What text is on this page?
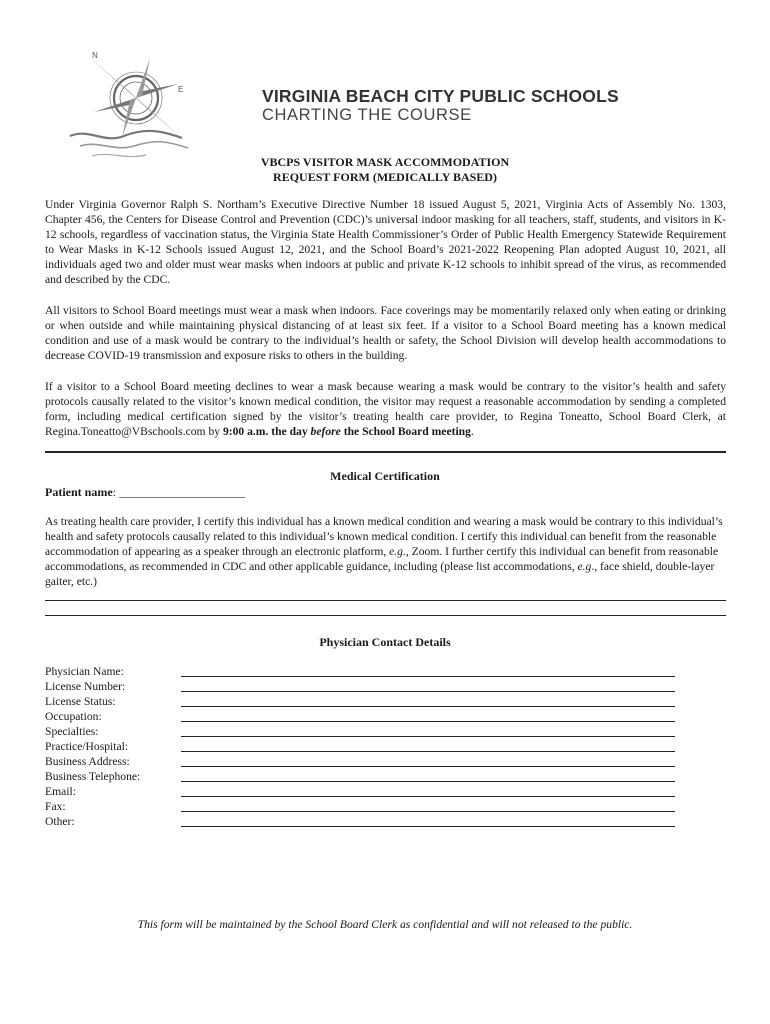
N
E	VIRGINIA BEACH CITY PUBLIC SCHOOLS
CHARTING THE COURSE
VBCPS VISITOR MASK ACCOMMODATION
REQUEST FORM (MEDICALLY BASED)

Under Virginia Governor Ralph S. Northam’s Executive Directive Number 18 issued August 5, 2021, Virginia Acts of Assembly No. 1303, Chapter 456, the Centers for Disease Control and Prevention (CDC)’s universal indoor masking for all teachers, staff, students, and visitors in K-12 schools, regardless of vaccination status, the Virginia State Health Commissioner’s Order of Public Health Emergency Statewide Requirement to Wear Masks in K-12 Schools issued August 12, 2021, and the School Board’s 2021-2022 Reopening Plan adopted August 10, 2021, all individuals aged two and older must wear masks when indoors at public and private K-12 schools to inhibit spread of the virus, as recommended and described by the CDC.

All visitors to School Board meetings must wear a mask when indoors. Face coverings may be momentarily relaxed only when eating or drinking or when outside and while maintaining physical distancing of at least six feet. If a visitor to a School Board meeting has a known medical condition and use of a mask would be contrary to the individual’s health or safety, the School Division will develop health accommodations to decrease COVID-19 transmission and exposure risks to others in the building.

If a visitor to a School Board meeting declines to wear a mask because wearing a mask would be contrary to the visitor’s health and safety protocols causally related to the visitor’s known medical condition, the visitor may request a reasonable accommodation by sending a completed form, including medical certification signed by the visitor’s treating health care provider, to Regina Toneatto, School Board Clerk, at Regina.Toneatto@VBschools.com by 9:00 a.m. the day before the School Board meeting.

Medical Certification
Patient name: _____________________

As treating health care provider, I certify this individual has a known medical condition and wearing a mask would be contrary to this individual’s health and safety protocols causally related to this individual’s known medical condition. I certify this individual can benefit from the reasonable accommodation of appearing as a speaker through an electronic platform, e.g., Zoom. I further certify this individual can benefit from reasonable accommodations, as recommended in CDC and other applicable guidance, including (please list accommodations, e.g., face shield, double-layer gaiter, etc.)

Physician Contact Details
Physician Name:
License Number:
License Status:
Occupation:
Specialties:
Practice/Hospital:
Business Address:
Business Telephone:
Email:
Fax:
Other:
This form will be maintained by the School Board Clerk as confidential and will not released to the public.
